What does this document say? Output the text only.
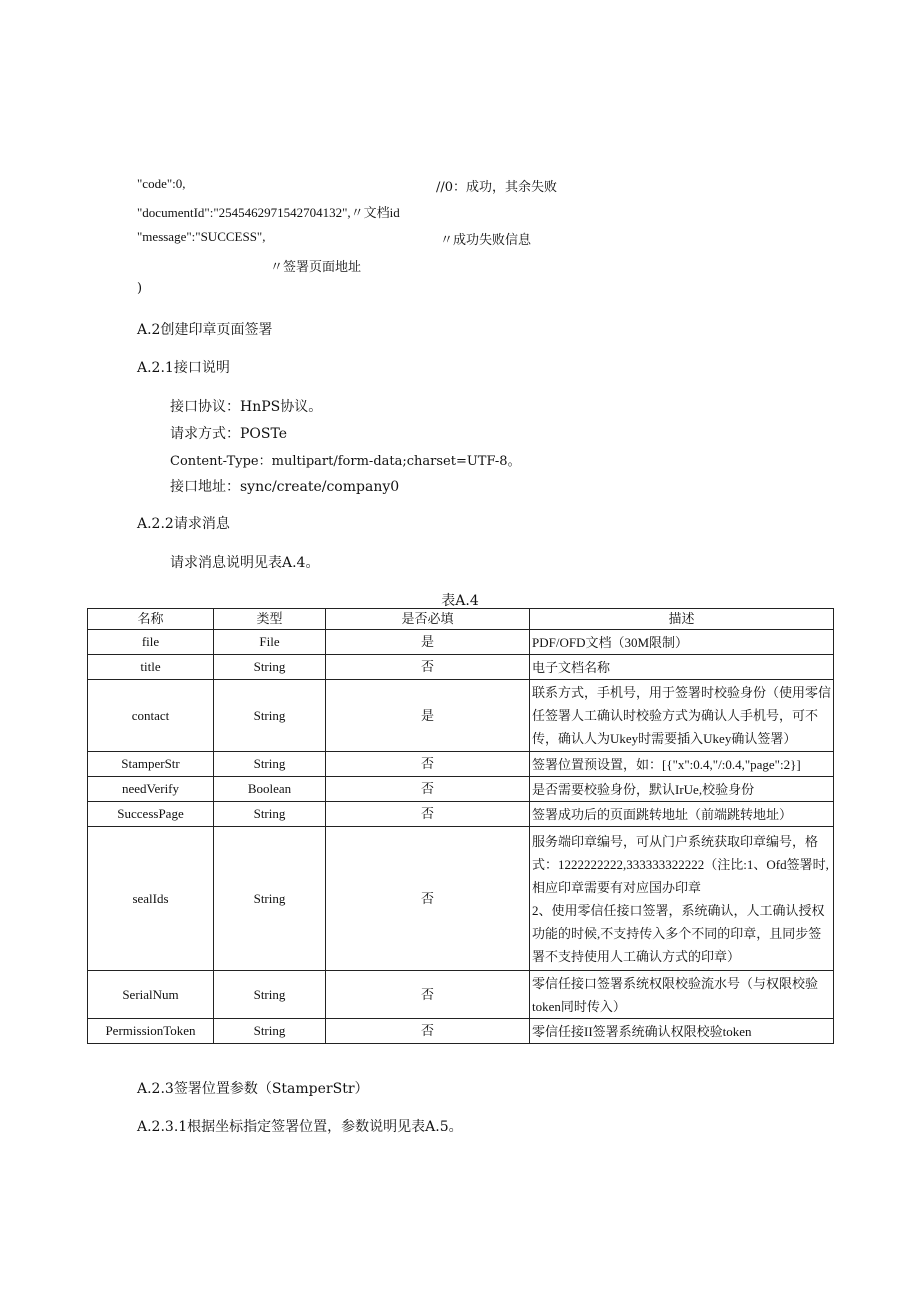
"code":0,	//0：成功，其余失败
"documentId":"2545462971542704132",〃文档id
"message":"SUCCESS",	〃成功失败信息
〃签署页面地址
)
A.2创建印章页面签署
A.2.1接口说明
接口协议：HnPS协议。
请求方式：POSTe
Content-Type：multipart/form-data;charset=UTF-8。
接口地址：sync/create/company0
A.2.2请求消息
请求消息说明见表A.4。
表A.4
名称	类型	是否必填	描述
file	File	是	PDF/OFD文档（30M限制）
title	String	否	电子文档名称
contact	String	是	联系方式，手机号，用于签署时校验身份（使用零信任签署人工确认时校验方式为确认人手机号，可不传，确认人为Ukey时需要插入Ukey确认签署）
StamperStr	String	否	签署位置预设置，如：[{"x":0.4,"/:0.4,"page":2}]
needVerify	Boolean	否	是否需要校验身份，默认IrUe,校验身份
SuccessPage	String	否	签署成功后的页面跳转地址（前端跳转地址）
sealIds	String	否	服务端印章编号，可从门户系统获取印章编号，格式：1222222222,333333322222（注比:1、Ofd签署时,相应印章需要有对应国办印章
2、使用零信任接口签署，系统确认，人工确认授权功能的时候,不支持传入多个不同的印章，且同步签署不支持使用人工确认方式的印章）

SerialNum	String	否	零信任接口签署系统权限校验流水号（与权限校验token同时传入）
PermissionToken	String	否	零信任接II签署系统确认权限校验token
A.2.3签署位置参数（StamperStr）
A.2.3.1根据坐标指定签署位置，参数说明见表A.5。
